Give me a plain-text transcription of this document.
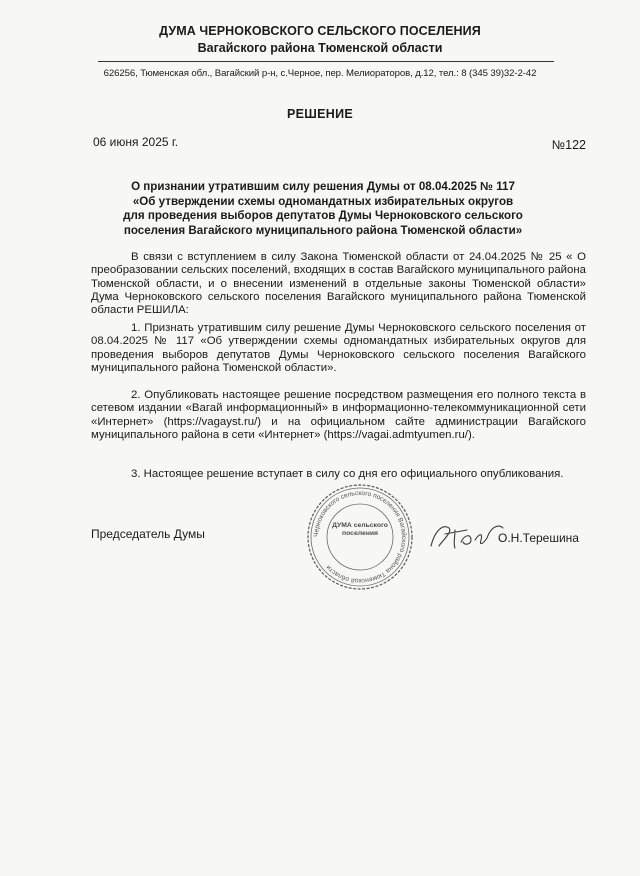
ДУМА ЧЕРНОКОВСКОГО СЕЛЬСКОГО ПОСЕЛЕНИЯ
Вагайского района Тюменской области
626256, Тюменская обл., Вагайский р-н, с.Черное, пер. Мелиораторов, д.12, тел.: 8 (345 39)32-2-42
РЕШЕНИЕ
06 июня 2025 г.	№122
О признании утратившим силу решения Думы от 08.04.2025 № 117
«Об утверждении схемы одномандатных избирательных округов
для проведения выборов депутатов Думы Черноковского сельского
поселения Вагайского муниципального района Тюменской области»
В связи с вступлением в силу Закона Тюменской области от 24.04.2025 № 25 « О преобразовании сельских поселений, входящих в состав Вагайского муниципального района Тюменской области, и о внесении изменений в отдельные законы Тюменской области» Дума Черноковского сельского поселения Вагайского муниципального района Тюменской области РЕШИЛА:
1. Признать утратившим силу решение Думы Черноковского сельского поселения от 08.04.2025 № 117 «Об утверждении схемы одномандатных избирательных округов для проведения выборов депутатов Думы Черноковского сельского поселения Вагайского муниципального района Тюменской области».
2. Опубликовать настоящее решение посредством размещения его полного текста в сетевом издании «Вагай информационный» в информационно-телекоммуникационной сети «Интернет» (https://vagayst.ru/) и на официальном сайте администрации Вагайского муниципального района в сети «Интернет» (https://vagai.admtyumen.ru/).
3. Настоящее решение вступает в силу со дня его официального опубликования.
Председатель Думы	Черноковского сельского поселения Вагайского района Тюменской области
ДУМА сельского поселения	О.Н.Терешина
